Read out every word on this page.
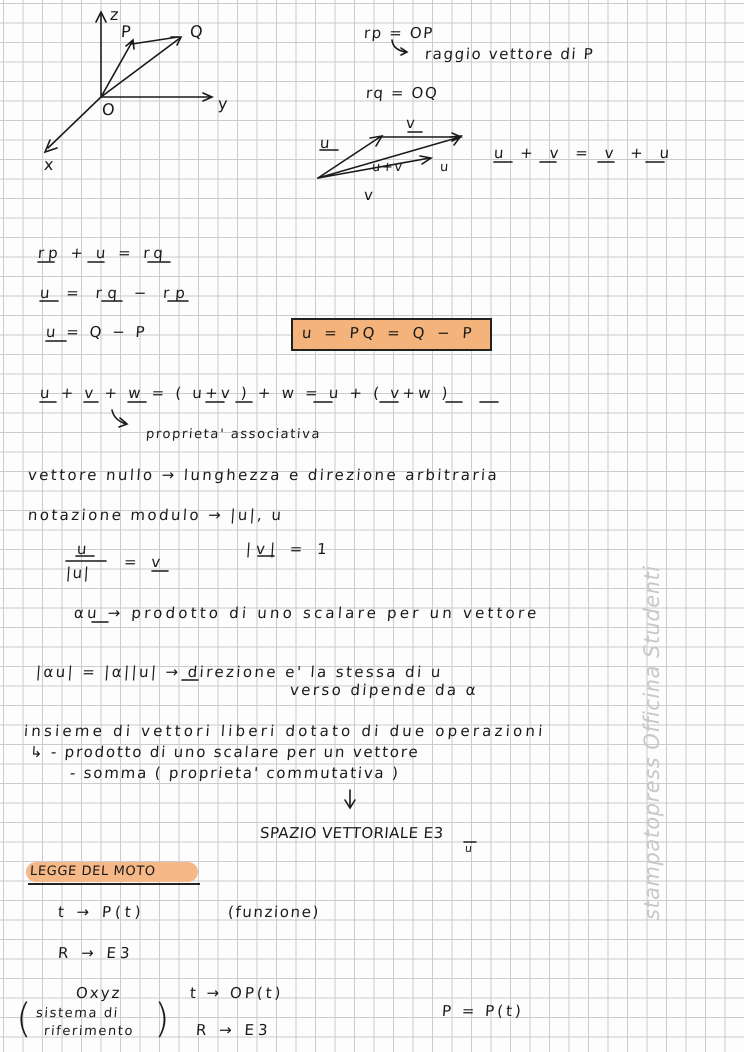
z
P	Q
O	y
x
rp = OP
raggio vettore di P
rq = OQ
u
v
u+v	u
v
u + v = v + u
rp + u = rq
u = rq − rp
u = Q − P	u = PQ = Q − P
u + v + w = ( u+v ) + w = u + ( v+w )
proprieta' associativa
vettore nullo → lunghezza e direzione arbitraria
notazione modulo → |u|, u
u
|u|
= v
|v| = 1
αu → prodotto di uno scalare per un vettore
|αu| = |α||u| → direzione e' la stessa di u
verso dipende da α
insieme di vettori liberi dotato di due operazioni
↳ - prodotto di uno scalare per un vettore
- somma ( proprieta' commutativa )
SPAZIO VETTORIALE E3
u
LEGGE DEL MOTO
t → P(t)	(funzione)
R → E3
Oxyz
( sistema di
riferimento )
t → OP(t)
R → E3
P = P(t)
stampatopress Officina Studenti
